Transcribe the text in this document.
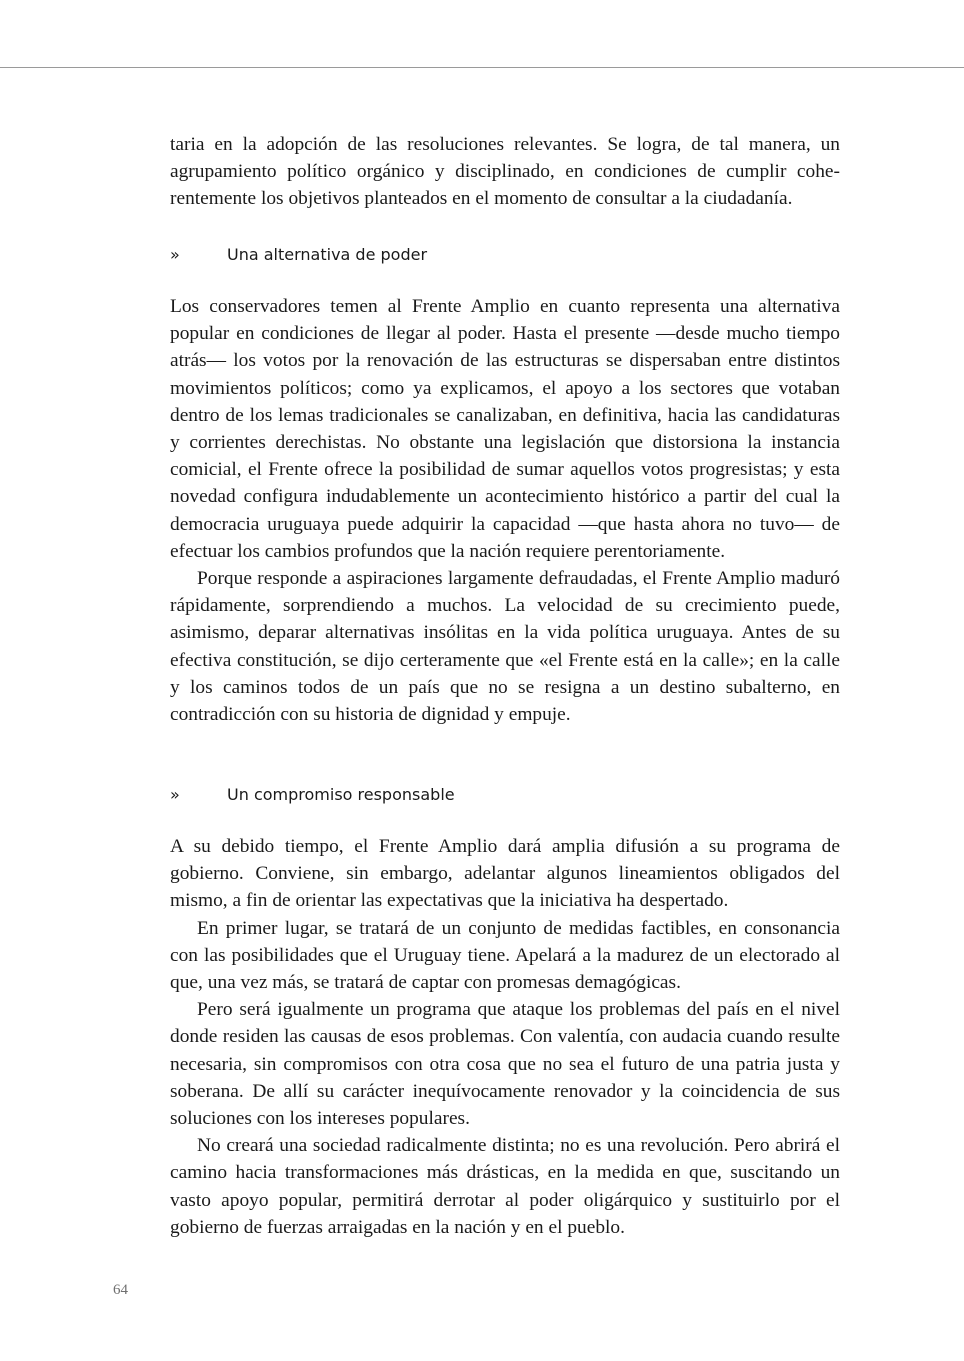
taria en la adopción de las resoluciones relevantes. Se logra, de tal manera, un agrupamiento político orgánico y disciplinado, en condiciones de cumplir coherentemente los objetivos planteados en el momento de consultar a la ciudadanía.

»	Una alternativa de poder

Los conservadores temen al Frente Amplio en cuanto representa una alternativa popular en condiciones de llegar al poder. Hasta el presente —desde mucho tiempo atrás— los votos por la renovación de las estructuras se dispersaban entre distintos movimientos políticos; como ya explicamos, el apoyo a los sectores que votaban dentro de los lemas tradicionales se canalizaban, en definitiva, hacia las candidaturas y corrientes derechistas. No obstante una legislación que distorsiona la instancia comicial, el Frente ofrece la posibilidad de sumar aquellos votos progresistas; y esta novedad configura indudablemente un acontecimiento histórico a partir del cual la democracia uruguaya puede adquirir la capacidad —que hasta ahora no tuvo— de efectuar los cambios profundos que la nación requiere perentoriamente.

Porque responde a aspiraciones largamente defraudadas, el Frente Amplio maduró rápidamente, sorprendiendo a muchos. La velocidad de su crecimiento puede, asimismo, deparar alternativas insólitas en la vida política uruguaya. Antes de su efectiva constitución, se dijo certeramente que «el Frente está en la calle»; en la calle y los caminos todos de un país que no se resigna a un destino subalterno, en contradicción con su historia de dignidad y empuje.

»	Un compromiso responsable

A su debido tiempo, el Frente Amplio dará amplia difusión a su programa de gobierno. Conviene, sin embargo, adelantar algunos lineamientos obligados del mismo, a fin de orientar las expectativas que la iniciativa ha despertado.

En primer lugar, se tratará de un conjunto de medidas factibles, en consonancia con las posibilidades que el Uruguay tiene. Apelará a la madurez de un electorado al que, una vez más, se tratará de captar con promesas demagógicas.

Pero será igualmente un programa que ataque los problemas del país en el nivel donde residen las causas de esos problemas. Con valentía, con audacia cuando resulte necesaria, sin compromisos con otra cosa que no sea el futuro de una patria justa y soberana. De allí su carácter inequívocamente renovador y la coincidencia de sus soluciones con los intereses populares.

No creará una sociedad radicalmente distinta; no es una revolución. Pero abrirá el camino hacia transformaciones más drásticas, en la medida en que, suscitando un vasto apoyo popular, permitirá derrotar al poder oligárquico y sustituirlo por el gobierno de fuerzas arraigadas en la nación y en el pueblo.

64
